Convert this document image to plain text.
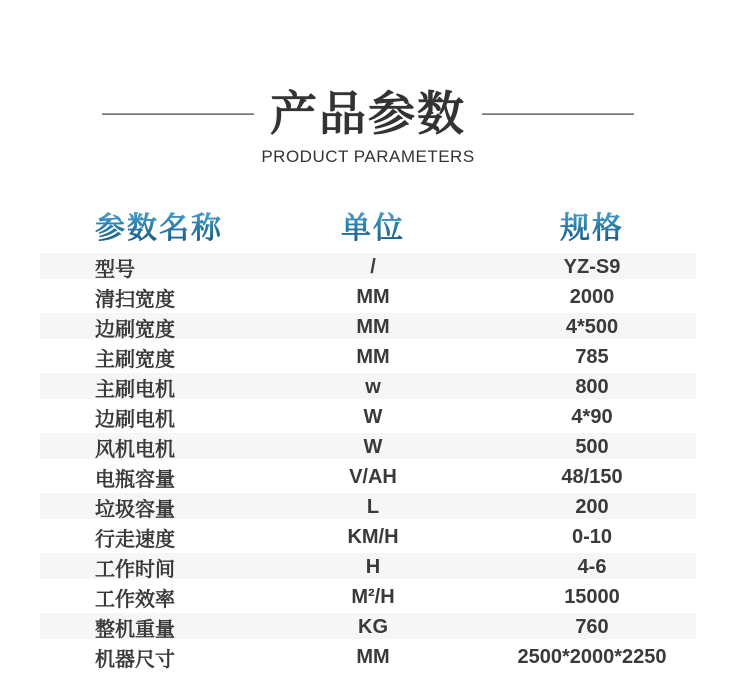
产品参数
PRODUCT PARAMETERS
参数名称	单位	规格
型号	/	YZ-S9
清扫宽度	MM	2000
边刷宽度	MM	4*500
主刷宽度	MM	785
主刷电机	w	800
边刷电机	W	4*90
风机电机	W	500
电瓶容量	V/AH	48/150
垃圾容量	L	200
行走速度	KM/H	0-10
工作时间	H	4-6
工作效率	M²/H	15000
整机重量	KG	760
机器尺寸	MM	2500*2000*2250
